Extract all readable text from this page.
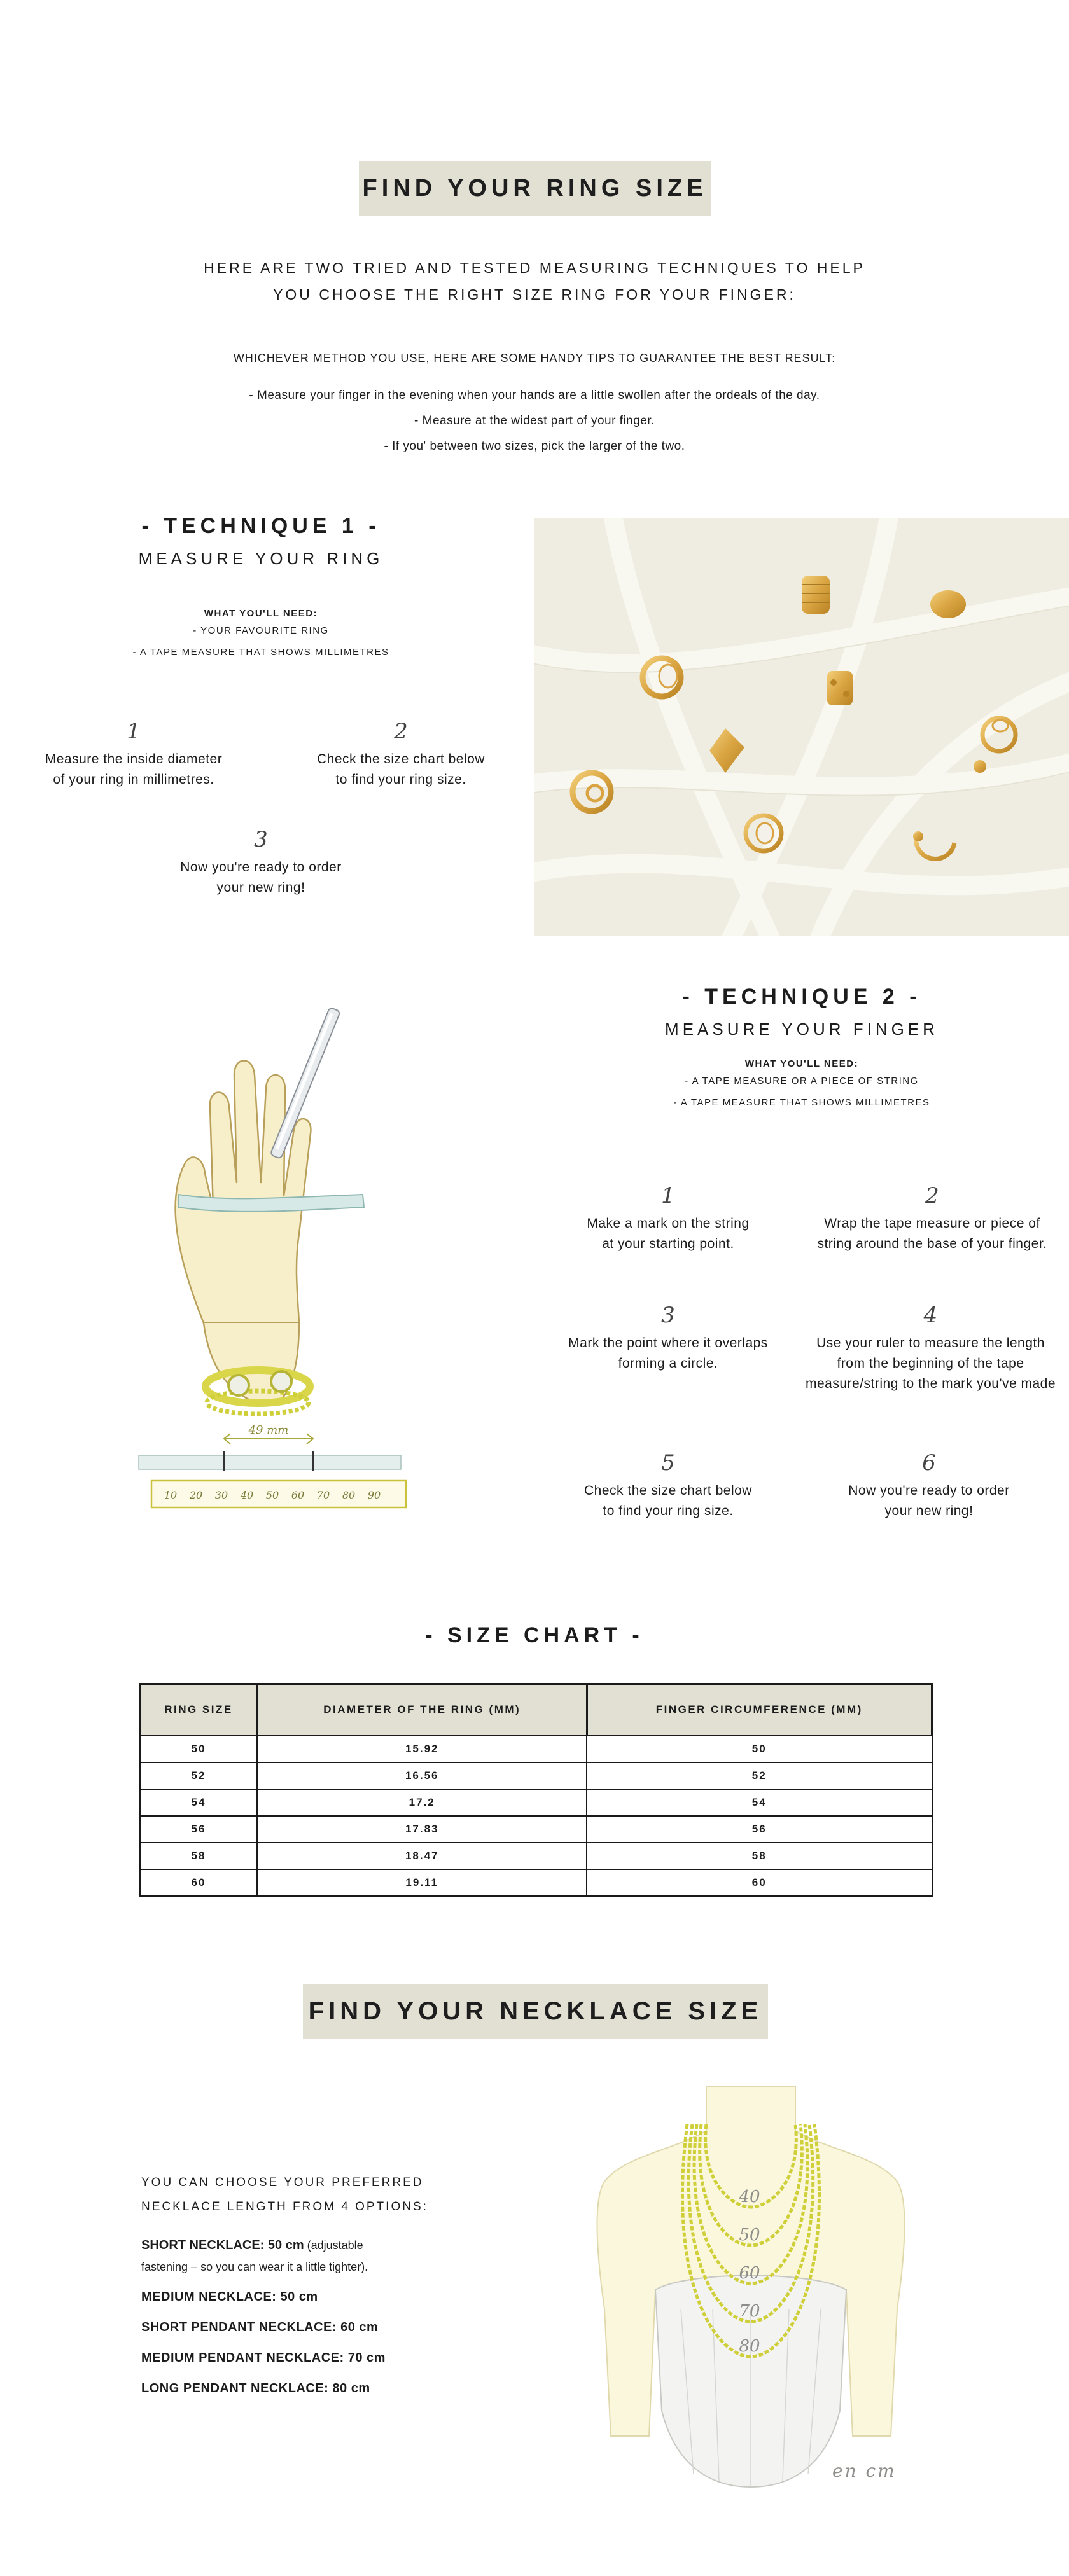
FIND YOUR RING SIZE
HERE ARE TWO TRIED AND TESTED MEASURING TECHNIQUES TO HELP
YOU CHOOSE THE RIGHT SIZE RING FOR YOUR FINGER:
WHICHEVER METHOD YOU USE, HERE ARE SOME HANDY TIPS TO GUARANTEE THE BEST RESULT:
- Measure your finger in the evening when your hands are a little swollen after the ordeals of the day.
- Measure at the widest part of your finger.
- If you' between two sizes, pick the larger of the two.
- TECHNIQUE 1 -
MEASURE YOUR RING
WHAT YOU'LL NEED:
- YOUR FAVOURITE RING
- A TAPE MEASURE THAT SHOWS MILLIMETRES
1
Measure the inside diameter
of your ring in millimetres.
2
Check the size chart below
to find your ring size.
3
Now you're ready to order
your new ring!
49 mm
10 20 30 40 50 60 70 80 90
- TECHNIQUE 2 -
MEASURE YOUR FINGER
WHAT YOU'LL NEED:
- A TAPE MEASURE OR A PIECE OF STRING
- A TAPE MEASURE THAT SHOWS MILLIMETRES
1
Make a mark on the string
at your starting point.
2
Wrap the tape measure or piece of
string around the base of your finger.
3
Mark the point where it overlaps
forming a circle.
4
Use your ruler to measure the length
from the beginning of the tape
measure/string to the mark you've made
5
Check the size chart below
to find your ring size.
6
Now you're ready to order
your new ring!
- SIZE CHART -
RING SIZE	DIAMETER OF THE RING (MM)	FINGER CIRCUMFERENCE (MM)
50	15.92	50
52	16.56	52
54	17.2	54
56	17.83	56
58	18.47	58
60	19.11	60
FIND YOUR NECKLACE SIZE
YOU CAN CHOOSE YOUR PREFERRED
NECKLACE LENGTH FROM 4 OPTIONS:
SHORT NECKLACE: 50 cm (adjustable
fastening – so you can wear it a little tighter).
MEDIUM NECKLACE: 50 cm
SHORT PENDANT NECKLACE: 60 cm
MEDIUM PENDANT NECKLACE: 70 cm
LONG PENDANT NECKLACE: 80 cm
40
50
60
70
80
en cm
